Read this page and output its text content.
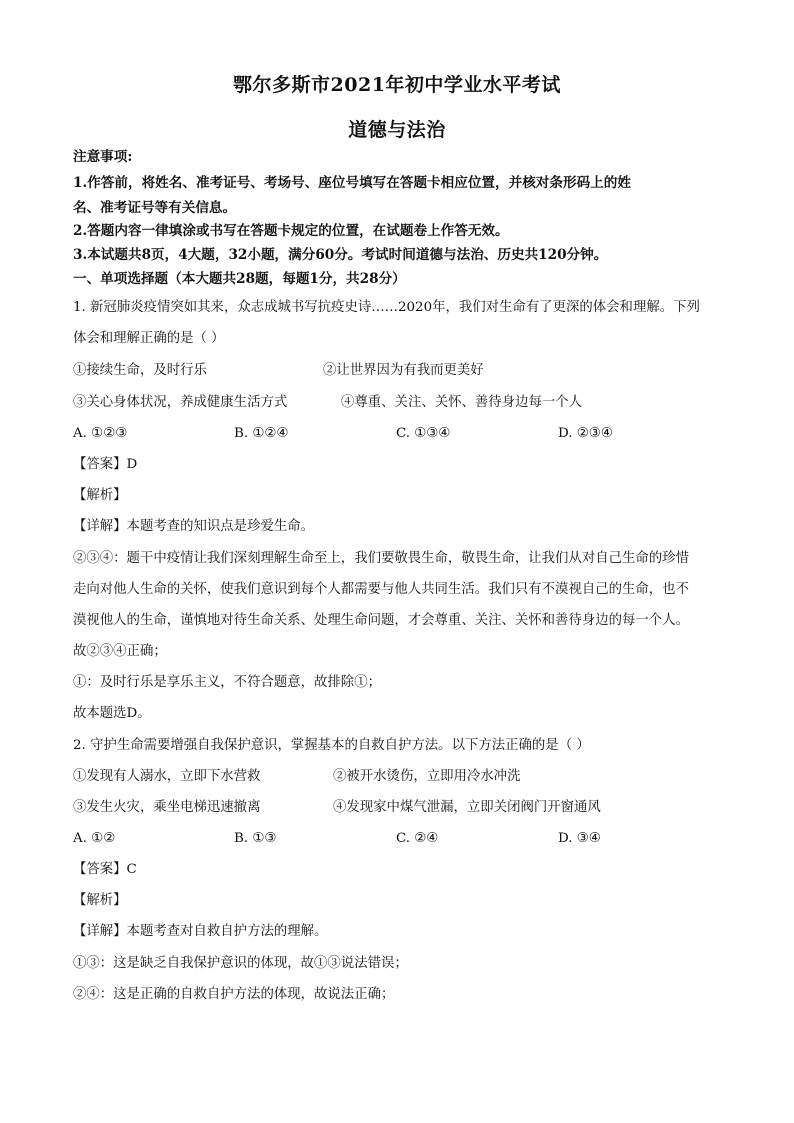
鄂尔多斯市2021年初中学业水平考试
道德与法治
注意事项:
1.作答前，将姓名、准考证号、考场号、座位号填写在答题卡相应位置，并核对条形码上的姓
名、准考证号等有关信息。
2.答题内容一律填涂或书写在答题卡规定的位置，在试题卷上作答无效。
3.本试题共8页，4大题，32小题，满分60分。考试时间道德与法治、历史共120分钟。
一、单项选择题（本大题共28题，每题1分，共28分）
1. 新冠肺炎疫情突如其来，众志成城书写抗疫史诗……2020年，我们对生命有了更深的体会和理解。下列
体会和理解正确的是（ ）
①接续生命，及时行乐	②让世界因为有我而更美好
③关心身体状况，养成健康生活方式	④尊重、关注、关怀、善待身边每一个人
A. ①②③	B. ①②④	C. ①③④	D. ②③④
【答案】D
【解析】
【详解】本题考查的知识点是珍爱生命。
②③④：题干中疫情让我们深刻理解生命至上，我们要敬畏生命，敬畏生命，让我们从对自己生命的珍惜
走向对他人生命的关怀，使我们意识到每个人都需要与他人共同生活。我们只有不漠视自己的生命，也不
漠视他人的生命，谨慎地对待生命关系、处理生命问题，才会尊重、关注、关怀和善待身边的每一个人。
故②③④正确；
①：及时行乐是享乐主义，不符合题意，故排除①；
故本题选D。
2. 守护生命需要增强自我保护意识，掌握基本的自救自护方法。以下方法正确的是（ ）
①发现有人溺水，立即下水营救	②被开水烫伤，立即用冷水冲洗
③发生火灾，乘坐电梯迅速撤离	④发现家中煤气泄漏，立即关闭阀门开窗通风
A. ①②	B. ①③	C. ②④	D. ③④
【答案】C
【解析】
【详解】本题考查对自救自护方法的理解。
①③：这是缺乏自我保护意识的体现，故①③说法错误；
②④：这是正确的自救自护方法的体现，故说法正确；
